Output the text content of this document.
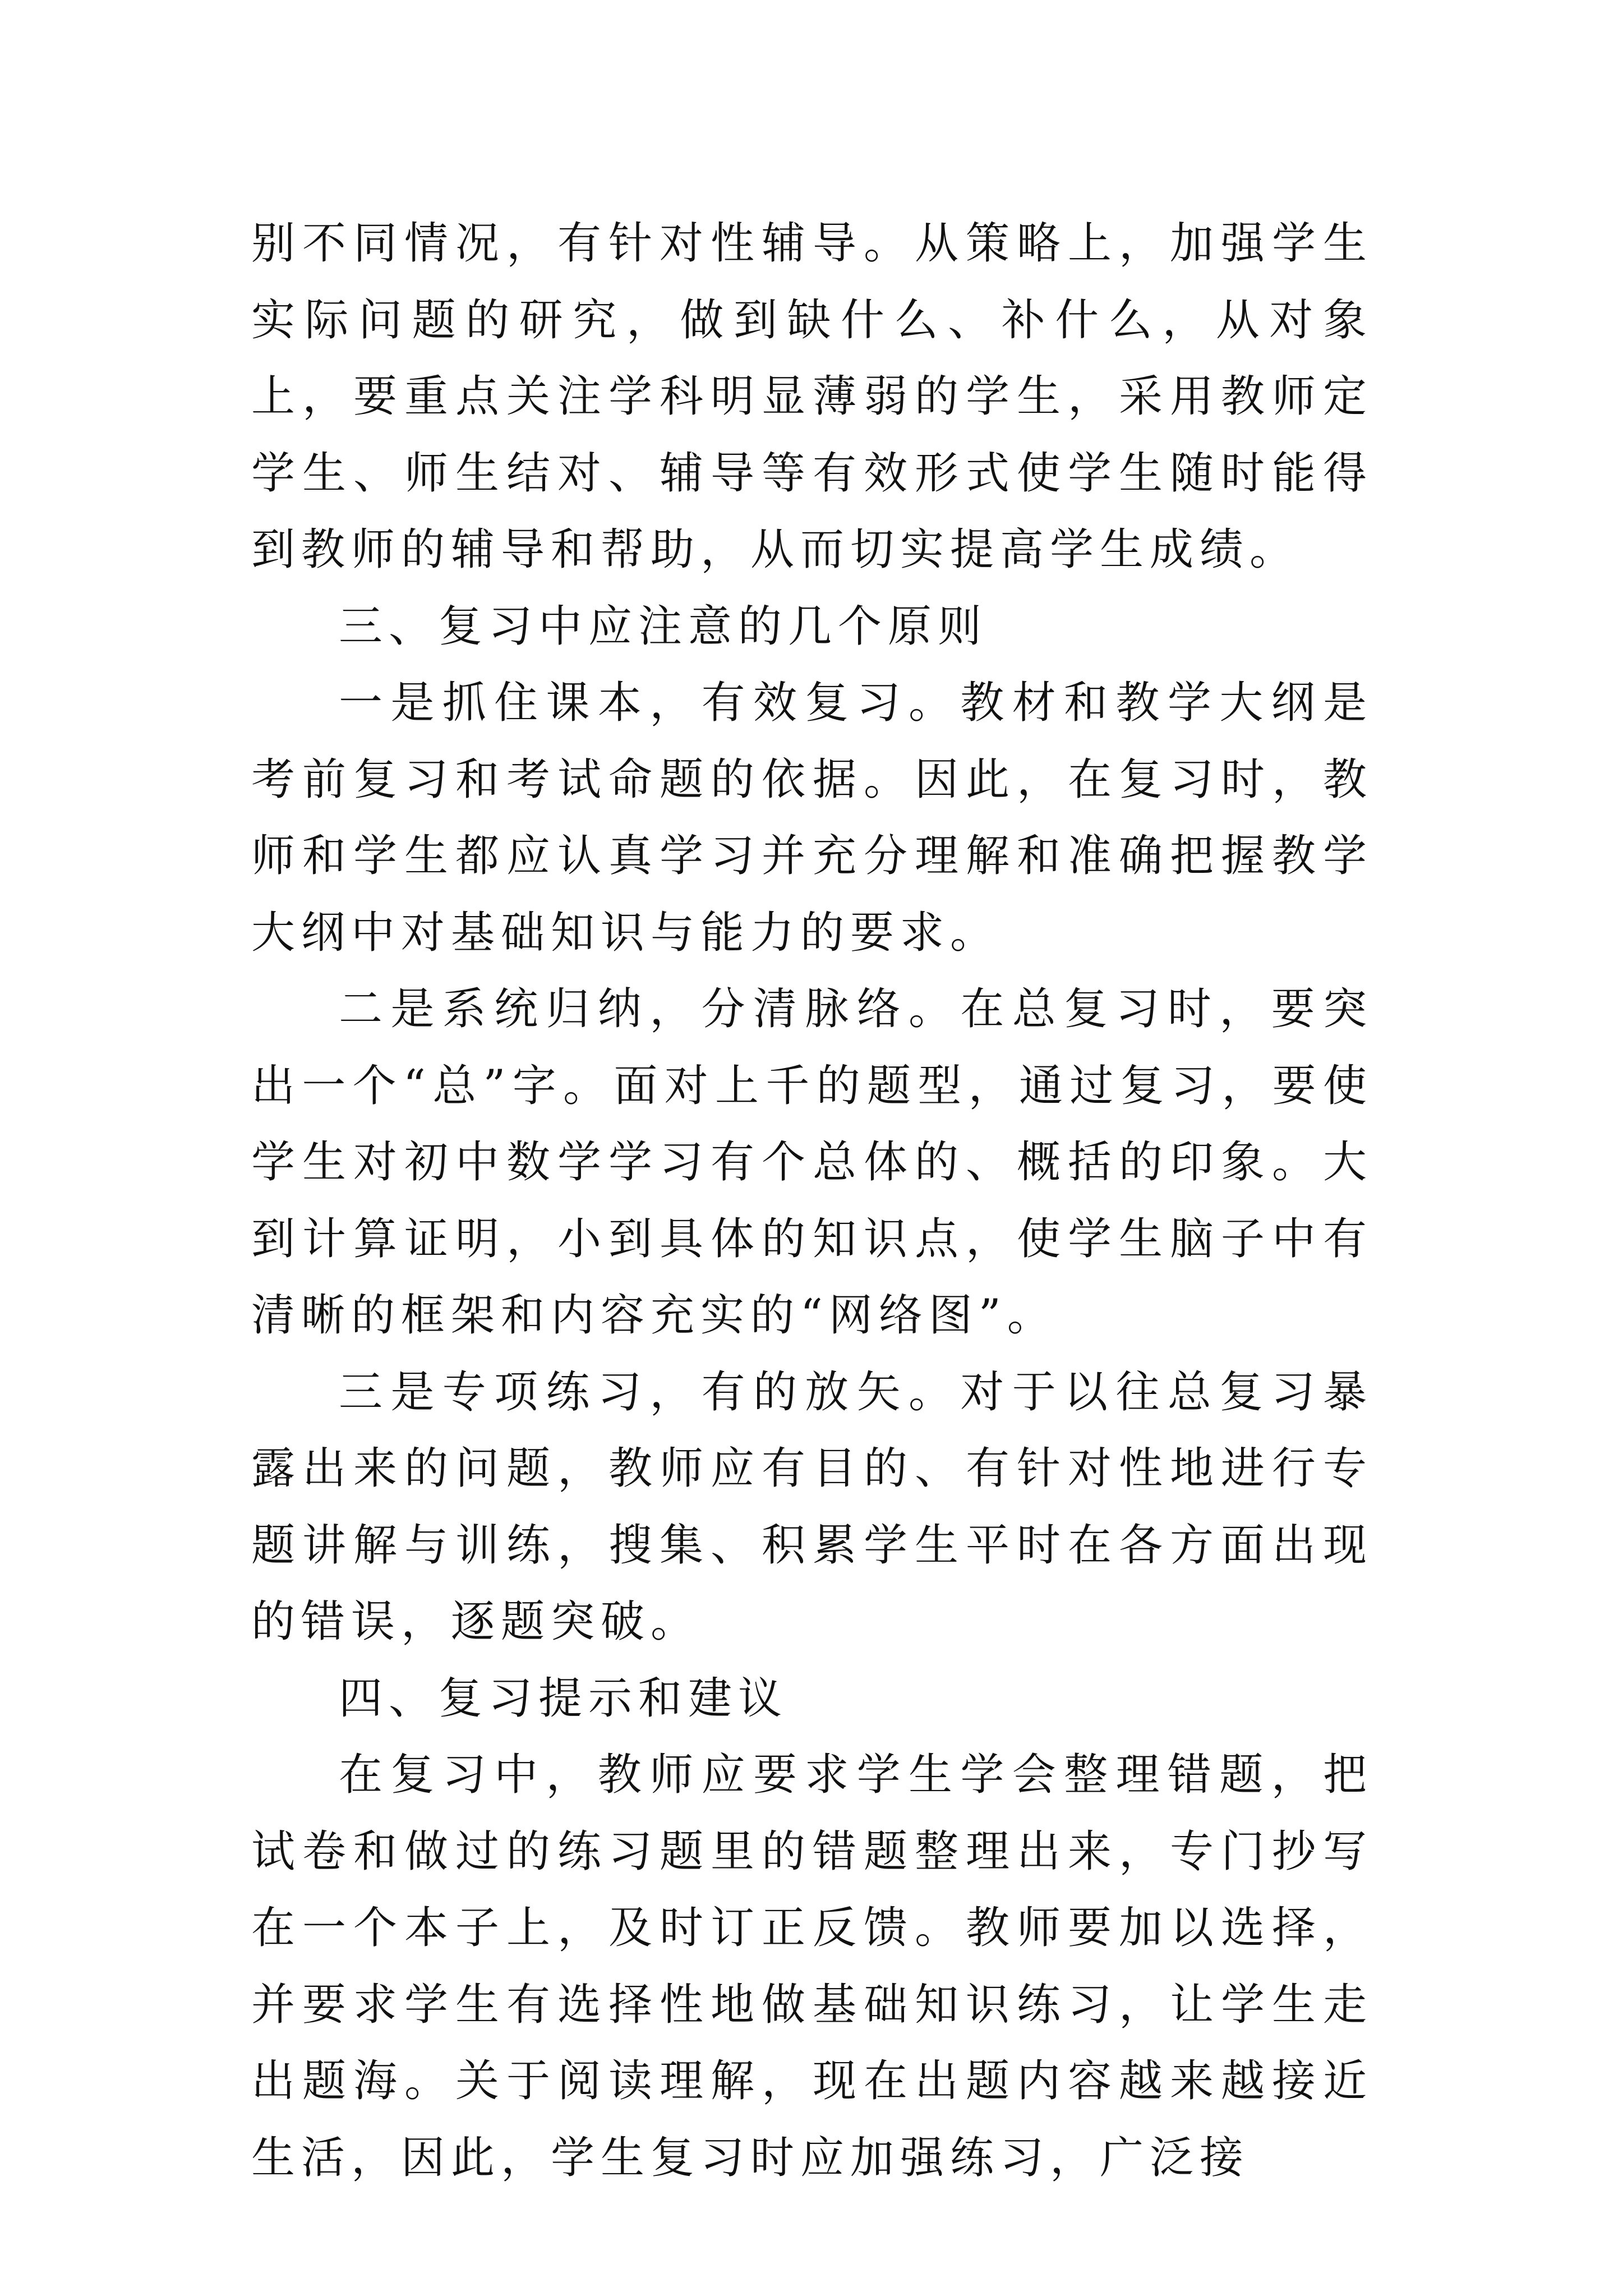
别不同情况，有针对性辅导。从策略上，加强学生实际问题的研究，做到缺什么、补什么，从对象上，要重点关注学科明显薄弱的学生，采用教师定学生、师生结对、辅导等有效形式使学生随时能得到教师的辅导和帮助，从而切实提高学生成绩。

三、复习中应注意的几个原则

一是抓住课本，有效复习。教材和教学大纲是考前复习和考试命题的依据。因此，在复习时，教师和学生都应认真学习并充分理解和准确把握教学大纲中对基础知识与能力的要求。

二是系统归纳，分清脉络。在总复习时，要突出一个“总”字。面对上千的题型，通过复习，要使学生对初中数学学习有个总体的、概括的印象。大到计算证明，小到具体的知识点，使学生脑子中有清晰的框架和内容充实的“网络图”。

三是专项练习，有的放矢。对于以往总复习暴露出来的问题，教师应有目的、有针对性地进行专题讲解与训练，搜集、积累学生平时在各方面出现的错误，逐题突破。

四、复习提示和建议

在复习中，教师应要求学生学会整理错题，把试卷和做过的练习题里的错题整理出来，专门抄写在一个本子上，及时订正反馈。教师要加以选择，并要求学生有选择性地做基础知识练习，让学生走出题海。关于阅读理解，现在出题内容越来越接近生活，因此，学生复习时应加强练习，广泛接
